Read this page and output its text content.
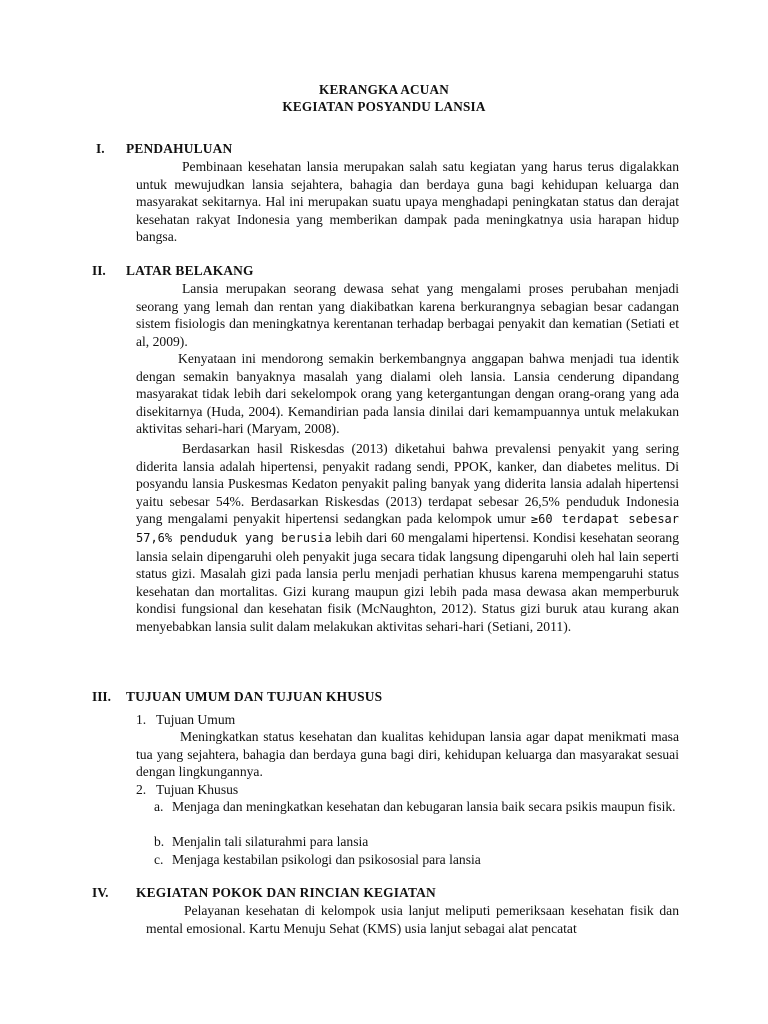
KERANGKA ACUAN
KEGIATAN POSYANDU LANSIA
I. PENDAHULUAN

Pembinaan kesehatan lansia merupakan salah satu kegiatan yang harus terus digalakkan untuk mewujudkan lansia sejahtera, bahagia dan berdaya guna bagi kehidupan keluarga dan masyarakat sekitarnya. Hal ini merupakan suatu upaya menghadapi peningkatan status dan derajat kesehatan rakyat Indonesia yang memberikan dampak pada meningkatnya usia harapan hidup bangsa.

II. LATAR BELAKANG

Lansia merupakan seorang dewasa sehat yang mengalami proses perubahan menjadi seorang yang lemah dan rentan yang diakibatkan karena berkurangnya sebagian besar cadangan sistem fisiologis dan meningkatnya kerentanan terhadap berbagai penyakit dan kematian (Setiati et al, 2009).

Kenyataan ini mendorong semakin berkembangnya anggapan bahwa menjadi tua identik dengan semakin banyaknya masalah yang dialami oleh lansia. Lansia cenderung dipandang masyarakat tidak lebih dari sekelompok orang yang ketergantungan dengan orang-orang yang ada disekitarnya (Huda, 2004). Kemandirian pada lansia dinilai dari kemampuannya untuk melakukan aktivitas sehari-hari (Maryam, 2008).

Berdasarkan hasil Riskesdas (2013) diketahui bahwa prevalensi penyakit yang sering diderita lansia adalah hipertensi, penyakit radang sendi, PPOK, kanker, dan diabetes melitus. Di posyandu lansia Puskesmas Kedaton penyakit paling banyak yang diderita lansia adalah hipertensi yaitu sebesar 54%. Berdasarkan Riskesdas (2013) terdapat sebesar 26,5% penduduk Indonesia yang mengalami penyakit hipertensi sedangkan pada kelompok umur ≥60 terdapat sebesar 57,6% penduduk yang berusia lebih dari 60 mengalami hipertensi. Kondisi kesehatan seorang lansia selain dipengaruhi oleh penyakit juga secara tidak langsung dipengaruhi oleh hal lain seperti status gizi. Masalah gizi pada lansia perlu menjadi perhatian khusus karena mempengaruhi status kesehatan dan mortalitas. Gizi kurang maupun gizi lebih pada masa dewasa akan memperburuk kondisi fungsional dan kesehatan fisik (McNaughton, 2012). Status gizi buruk atau kurang akan menyebabkan lansia sulit dalam melakukan aktivitas sehari-hari (Setiani, 2011).

III. TUJUAN UMUM DAN TUJUAN KHUSUS
1. Tujuan Umum

Meningkatkan status kesehatan dan kualitas kehidupan lansia agar dapat menikmati masa tua yang sejahtera, bahagia dan berdaya guna bagi diri, kehidupan keluarga dan masyarakat sesuai dengan lingkungannya.

2. Tujuan Khusus
a. Menjaga dan meningkatkan kesehatan dan kebugaran lansia baik secara psikis maupun fisik.
b. Menjalin tali silaturahmi para lansia
c. Menjaga kestabilan psikologi dan psikososial para lansia
IV. KEGIATAN POKOK DAN RINCIAN KEGIATAN

Pelayanan kesehatan di kelompok usia lanjut meliputi pemeriksaan kesehatan fisik dan mental emosional. Kartu Menuju Sehat (KMS) usia lanjut sebagai alat pencatat
